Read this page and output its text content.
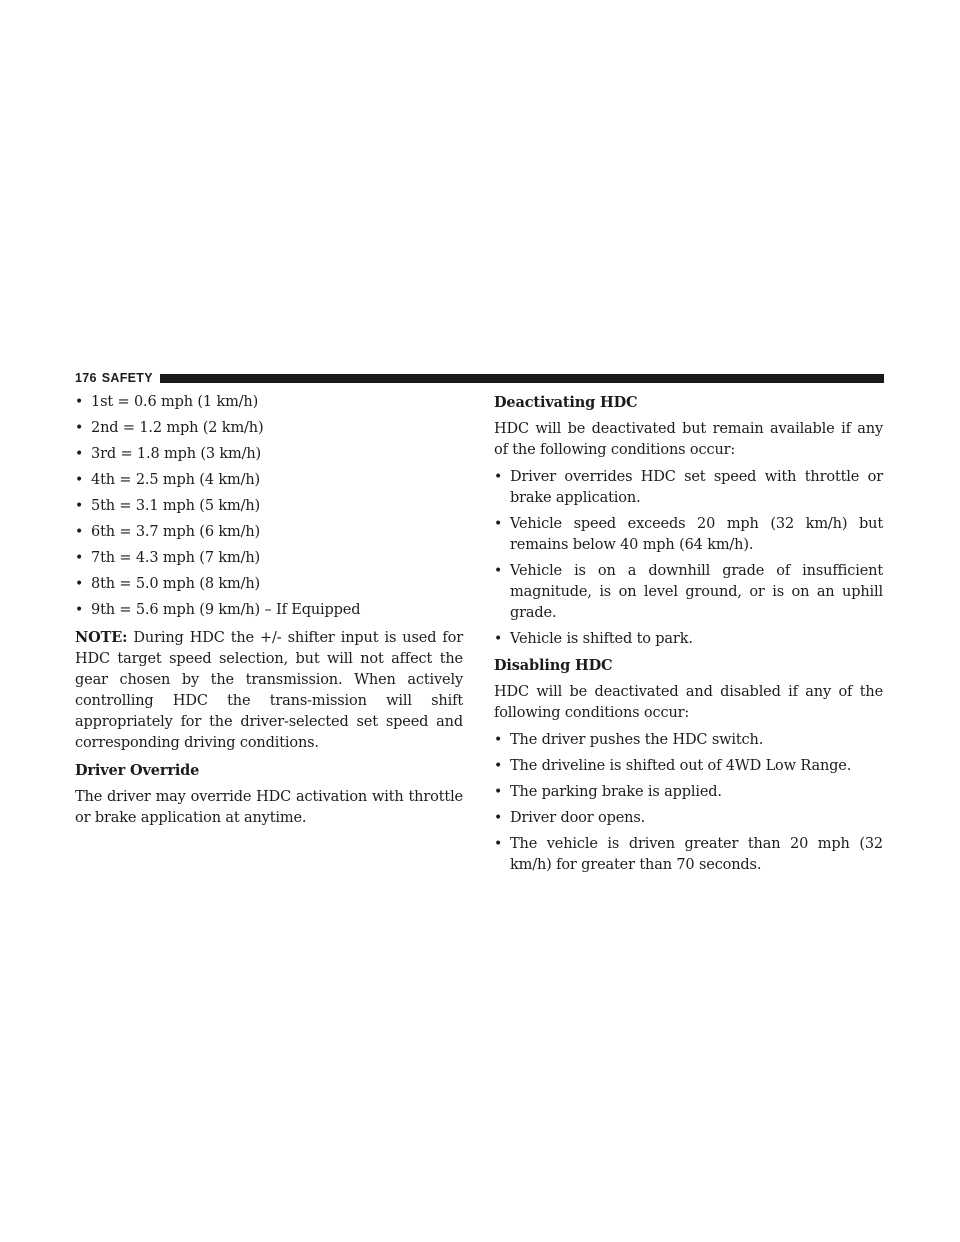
176 SAFETY
• 1st = 0.6 mph (1 km/h)
• 2nd = 1.2 mph (2 km/h)
• 3rd = 1.8 mph (3 km/h)
• 4th = 2.5 mph (4 km/h)
• 5th = 3.1 mph (5 km/h)
• 6th = 3.7 mph (6 km/h)
• 7th = 4.3 mph (7 km/h)
• 8th = 5.0 mph (8 km/h)
• 9th = 5.6 mph (9 km/h) – If Equipped

NOTE: During HDC the +/- shifter input is used for HDC target speed selection, but will not affect the gear chosen by the transmission. When actively controlling HDC the trans-mission will shift appropriately for the driver-selected set speed and corresponding driving conditions.

Driver Override

The driver may override HDC activation with throttle or brake application at anytime.

Deactivating HDC

HDC will be deactivated but remain available if any of the following conditions occur:

• Driver overrides HDC set speed with throttle or brake application.
• Vehicle speed exceeds 20 mph (32 km/h) but remains below 40 mph (64 km/h).
• Vehicle is on a downhill grade of insufficient magnitude, is on level ground, or is on an uphill grade.
• Vehicle is shifted to park.
Disabling HDC

HDC will be deactivated and disabled if any of the following conditions occur:

• The driver pushes the HDC switch.
• The driveline is shifted out of 4WD Low Range.
• The parking brake is applied.
• Driver door opens.
• The vehicle is driven greater than 20 mph (32 km/h) for greater than 70 seconds.
